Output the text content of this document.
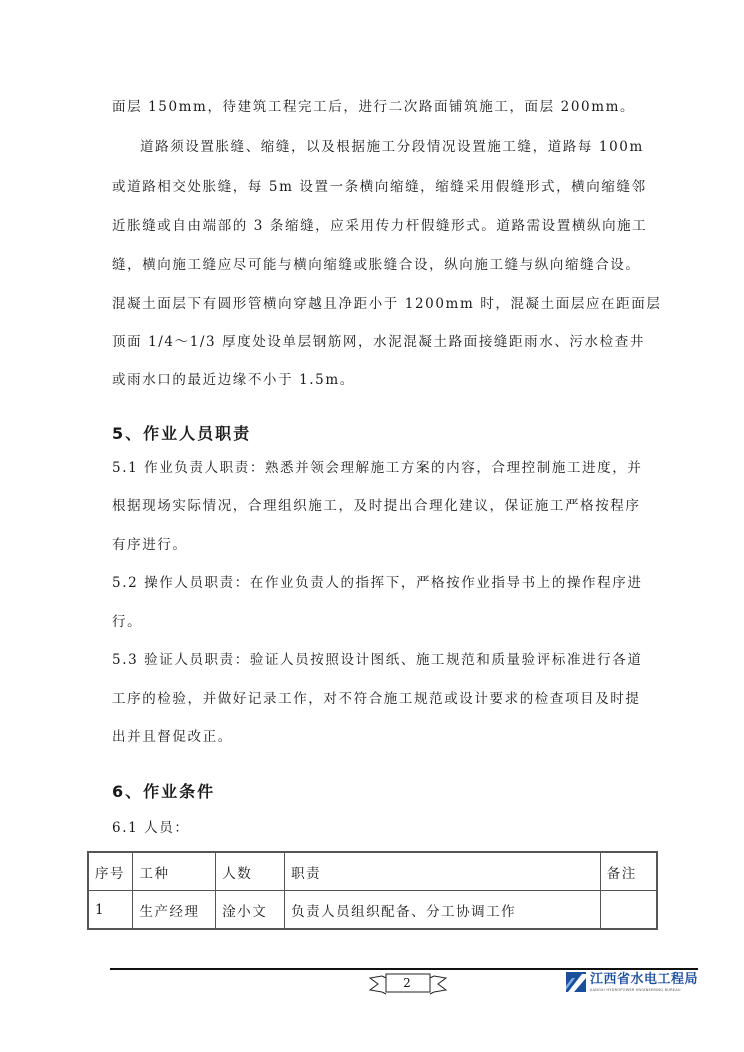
面层 150mm，待建筑工程完工后，进行二次路面铺筑施工，面层 200mm。
道路须设置胀缝、缩缝，以及根据施工分段情况设置施工缝，道路每 100m
或道路相交处胀缝，每 5m 设置一条横向缩缝，缩缝采用假缝形式，横向缩缝邻
近胀缝或自由端部的 3 条缩缝，应采用传力杆假缝形式。道路需设置横纵向施工
缝，横向施工缝应尽可能与横向缩缝或胀缝合设，纵向施工缝与纵向缩缝合设。
混凝土面层下有圆形管横向穿越且净距小于 1200mm 时，混凝土面层应在距面层
顶面 1/4～1/3 厚度处设单层钢筋网，水泥混凝土路面接缝距雨水、污水检查井
或雨水口的最近边缘不小于 1.5m。
5、作业人员职责
5.1 作业负责人职责：熟悉并领会理解施工方案的内容，合理控制施工进度，并
根据现场实际情况，合理组织施工，及时提出合理化建议，保证施工严格按程序
有序进行。
5.2 操作人员职责：在作业负责人的指挥下，严格按作业指导书上的操作程序进
行。
5.3 验证人员职责：验证人员按照设计图纸、施工规范和质量验评标准进行各道
工序的检验，并做好记录工作，对不符合施工规范或设计要求的检查项目及时提
出并且督促改正。
6、作业条件
6.1 人员：
序号	工种	人数	职责	备注
1	生产经理	淦小文	负责人员组织配备、分工协调工作	
2	江西省水电工程局
JIANGXI HYDROPOWER ENGINEERING BUREAU
